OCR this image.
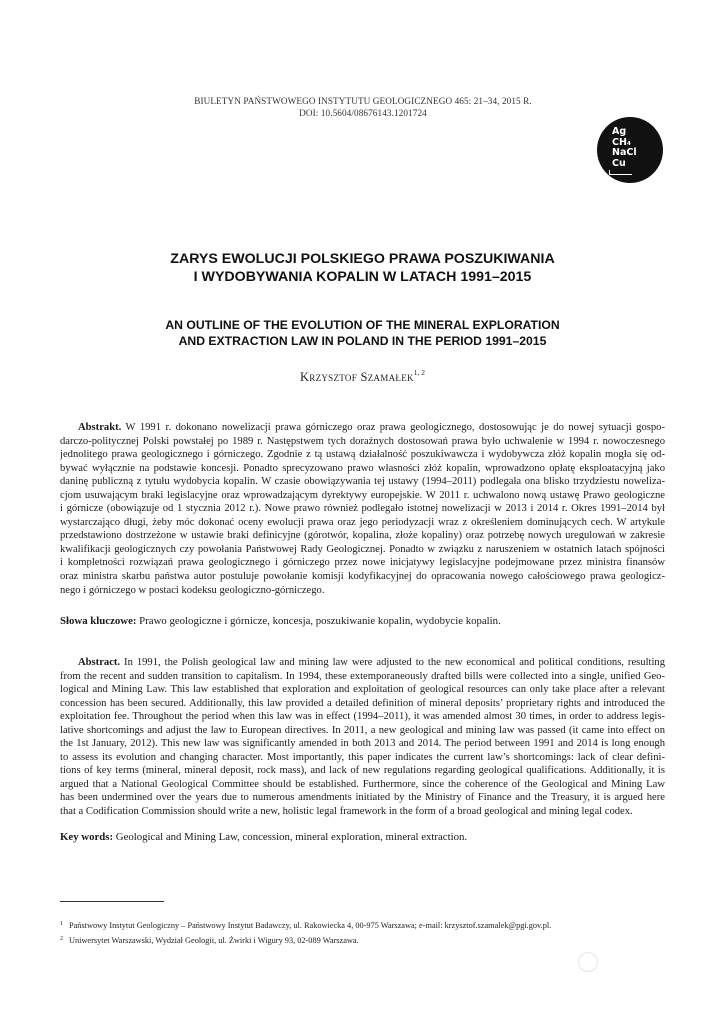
BIULETYN PAŃSTWOWEGO INSTYTUTU GEOLOGICZNEGO 465: 21–34, 2015 R.
DOI: 10.5604/08676143.1201724
Ag
CH₄
NaCl
Cu
ZARYS EWOLUCJI POLSKIEGO PRAWA POSZUKIWANIA
I WYDOBYWANIA KOPALIN W LATACH 1991–2015
AN OUTLINE OF THE EVOLUTION OF THE MINERAL EXPLORATION
AND EXTRACTION LAW IN POLAND IN THE PERIOD 1991–2015
Krzysztof Szamałek$^{1, 2}$
Abstrakt. W 1991 r. dokonano nowelizacji prawa górniczego oraz prawa geologicznego, dostosowując je do nowej sytuacji gospo-
darczo-politycznej Polski powstałej po 1989 r. Następstwem tych doraźnych dostosowań prawa było uchwalenie w 1994 r. nowoczesnego
jednolitego prawa geologicznego i górniczego. Zgodnie z tą ustawą działalność poszukiwawcza i wydobywcza złóż kopalin mogła się od-
bywać wyłącznie na podstawie koncesji. Ponadto sprecyzowano prawo własności złóż kopalin, wprowadzono opłatę eksploatacyjną jako
daninę publiczną z tytułu wydobycia kopalin. W czasie obowiązywania tej ustawy (1994–2011) podlegała ona blisko trzydziestu noweliza-
cjom usuwającym braki legislacyjne oraz wprowadzającym dyrektywy europejskie. W 2011 r. uchwalono nową ustawę Prawo geologiczne
i górnicze (obowiązuje od 1 stycznia 2012 r.). Nowe prawo również podlegało istotnej nowelizacji w 2013 i 2014 r. Okres 1991–2014 był
wystarczająco długi, żeby móc dokonać oceny ewolucji prawa oraz jego periodyzacji wraz z określeniem dominujących cech. W artykule
przedstawiono dostrzeżone w ustawie braki definicyjne (górotwór, kopalina, złoże kopaliny) oraz potrzebę nowych uregulowań w zakresie
kwalifikacji geologicznych czy powołania Państwowej Rady Geologicznej. Ponadto w związku z naruszeniem w ostatnich latach spójności
i kompletności rozwiązań prawa geologicznego i górniczego przez nowe inicjatywy legislacyjne podejmowane przez ministra finansów
oraz ministra skarbu państwa autor postuluje powołanie komisji kodyfikacyjnej do opracowania nowego całościowego prawa geologicz-
nego i górniczego w postaci kodeksu geologiczno-górniczego.
Słowa kluczowe: Prawo geologiczne i górnicze, koncesja, poszukiwanie kopalin, wydobycie kopalin.
Abstract. In 1991, the Polish geological law and mining law were adjusted to the new economical and political conditions, resulting
from the recent and sudden transition to capitalism. In 1994, these extemporaneously drafted bills were collected into a single, unified Geo-
logical and Mining Law. This law established that exploration and exploitation of geological resources can only take place after a relevant
concession has been secured. Additionally, this law provided a detailed definition of mineral deposits’ proprietary rights and introduced the
exploitation fee. Throughout the period when this law was in effect (1994–2011), it was amended almost 30 times, in order to address legis-
lative shortcomings and adjust the law to European directives. In 2011, a new geological and mining law was passed (it came into effect on
the 1st January, 2012). This new law was significantly amended in both 2013 and 2014. The period between 1991 and 2014 is long enough
to assess its evolution and changing character. Most importantly, this paper indicates the current law’s shortcomings: lack of clear defini-
tions of key terms (mineral, mineral deposit, rock mass), and lack of new regulations regarding geological qualifications. Additionally, it is
argued that a National Geological Committee should be established. Furthermore, since the coherence of the Geological and Mining Law
has been undermined over the years due to numerous amendments initiated by the Ministry of Finance and the Treasury, it is argued here
that a Codification Commission should write a new, holistic legal framework in the form of a broad geological and mining legal codex.
Key words: Geological and Mining Law, concession, mineral exploration, mineral extraction.
$^1$ Państwowy Instytut Geologiczny – Państwowy Instytut Badawczy, ul. Rakowiecka 4, 00-975 Warszawa; e-mail: krzysztof.szamalek@pgi.gov.pl.
$^2$ Uniwersytet Warszawski, Wydział Geologii, ul. Żwirki i Wigury 93, 02-089 Warszawa.
